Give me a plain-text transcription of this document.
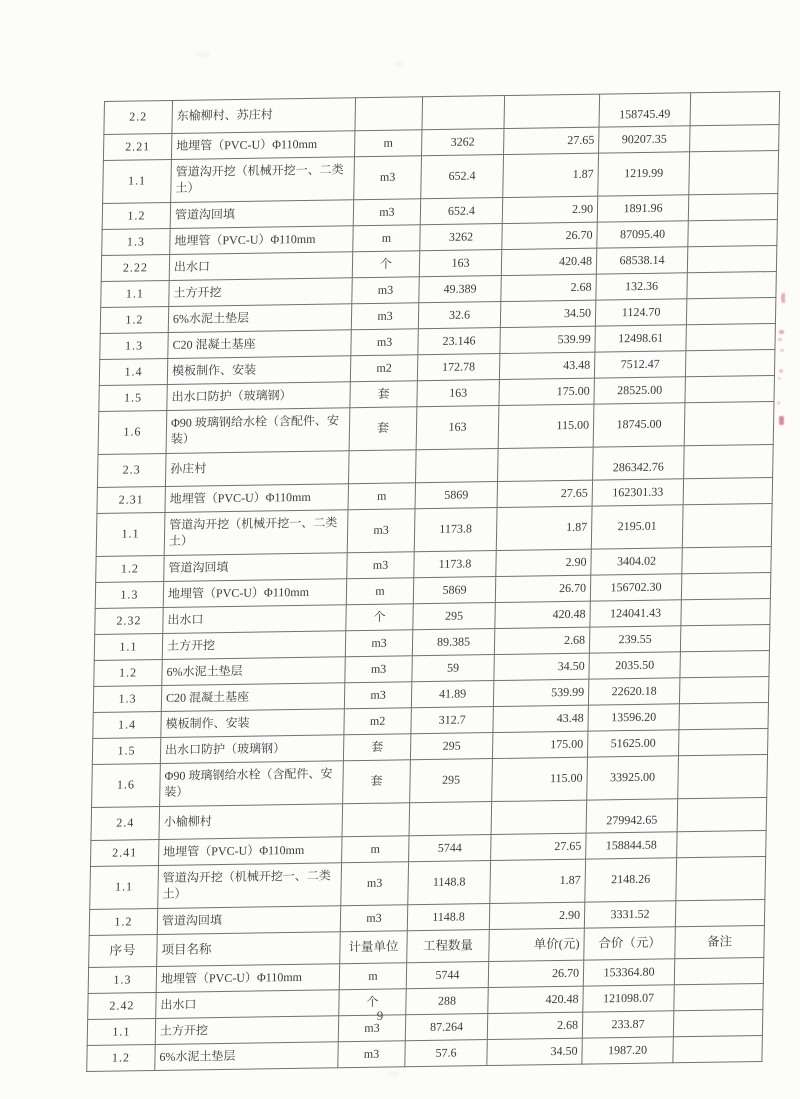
2.2	东榆柳村、苏庄村				158745.49	
2.21	地埋管（PVC-U）Φ110mm	m	3262	27.65	90207.35	
1.1	管道沟开挖（机械开挖一、二类土）	m3	652.4	1.87	1219.99	
1.2	管道沟回填	m3	652.4	2.90	1891.96	
1.3	地埋管（PVC-U）Φ110mm	m	3262	26.70	87095.40	
2.22	出水口	个	163	420.48	68538.14	
1.1	土方开挖	m3	49.389	2.68	132.36	
1.2	6%水泥土垫层	m3	32.6	34.50	1124.70	
1.3	C20 混凝土基座	m3	23.146	539.99	12498.61	
1.4	模板制作、安装	m2	172.78	43.48	7512.47	
1.5	出水口防护（玻璃钢）	套	163	175.00	28525.00	
1.6	Φ90 玻璃钢给水栓（含配件、安装）	套	163	115.00	18745.00	
2.3	孙庄村				286342.76	
2.31	地埋管（PVC-U）Φ110mm	m	5869	27.65	162301.33	
1.1	管道沟开挖（机械开挖一、二类土）	m3	1173.8	1.87	2195.01	
1.2	管道沟回填	m3	1173.8	2.90	3404.02	
1.3	地埋管（PVC-U）Φ110mm	m	5869	26.70	156702.30	
2.32	出水口	个	295	420.48	124041.43	
1.1	土方开挖	m3	89.385	2.68	239.55	
1.2	6%水泥土垫层	m3	59	34.50	2035.50	
1.3	C20 混凝土基座	m3	41.89	539.99	22620.18	
1.4	模板制作、安装	m2	312.7	43.48	13596.20	
1.5	出水口防护（玻璃钢）	套	295	175.00	51625.00	
1.6	Φ90 玻璃钢给水栓（含配件、安装）	套	295	115.00	33925.00	
2.4	小榆柳村				279942.65	
2.41	地埋管（PVC-U）Φ110mm	m	5744	27.65	158844.58	
1.1	管道沟开挖（机械开挖一、二类土）	m3	1148.8	1.87	2148.26	
1.2	管道沟回填	m3	1148.8	2.90	3331.52	
序号	项目名称	计量单位	工程数量	单价(元)	合价（元）	备注
1.3	地埋管（PVC-U）Φ110mm	m	5744	26.70	153364.80	
2.42	出水口	个	288	420.48	121098.07	
1.1	土方开挖	m3	87.264	2.68	233.87	
1.2	6%水泥土垫层	m3	57.6	34.50	1987.20	
9
